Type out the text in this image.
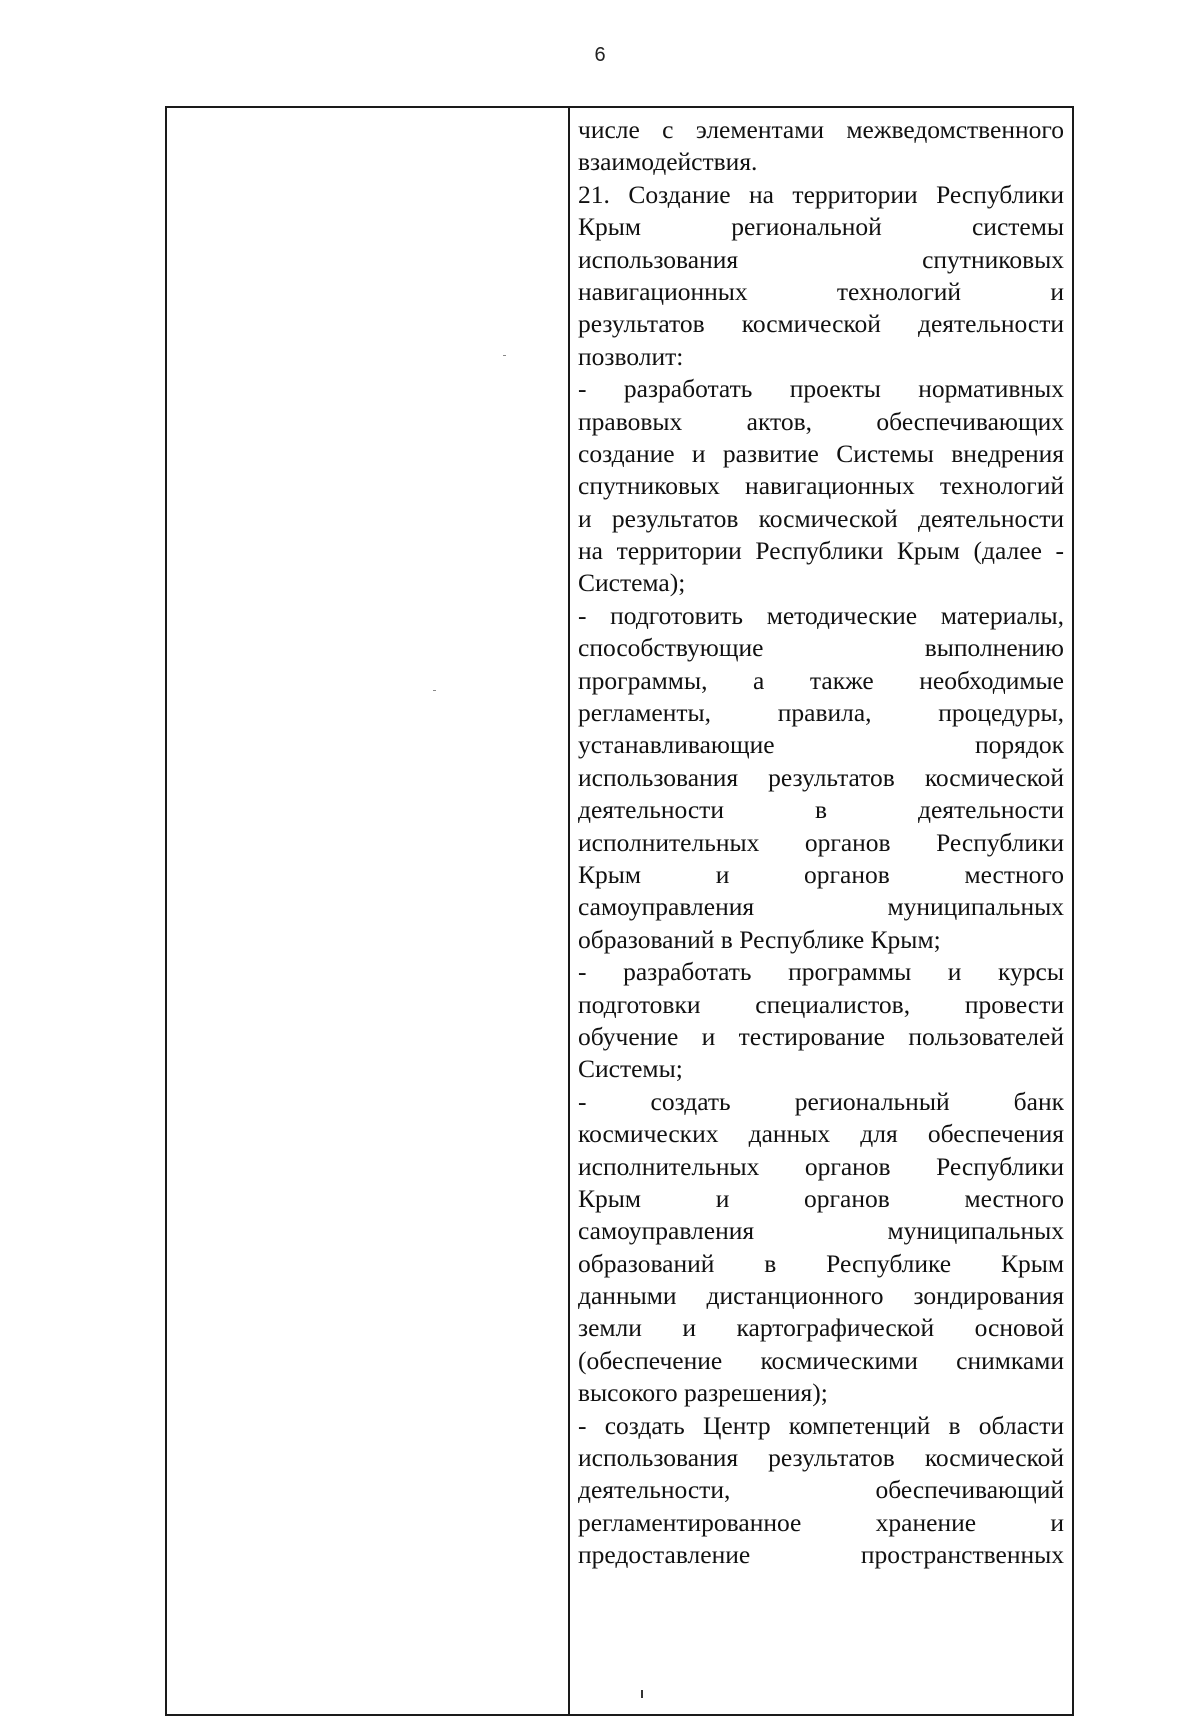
6
числе с элементами межведомственного
взаимодействия.
21. Создание на территории Республики
Крым региональной системы
использования спутниковых
навигационных технологий и
результатов космической деятельности
позволит:
- разработать проекты нормативных
правовых актов, обеспечивающих
создание и развитие Системы внедрения
спутниковых навигационных технологий
и результатов космической деятельности
на территории Республики Крым (далее -
Система);
- подготовить методические материалы,
способствующие выполнению
программы, а также необходимые
регламенты, правила, процедуры,
устанавливающие порядок
использования результатов космической
деятельности в деятельности
исполнительных органов Республики
Крым и органов местного
самоуправления муниципальных
образований в Республике Крым;
- разработать программы и курсы
подготовки специалистов, провести
обучение и тестирование пользователей
Системы;
- создать региональный банк
космических данных для обеспечения
исполнительных органов Республики
Крым и органов местного
самоуправления муниципальных
образований в Республике Крым
данными дистанционного зондирования
земли и картографической основой
(обеспечение космическими снимками
высокого разрешения);
- создать Центр компетенций в области
использования результатов космической
деятельности, обеспечивающий
регламентированное хранение и
предоставление пространственных
